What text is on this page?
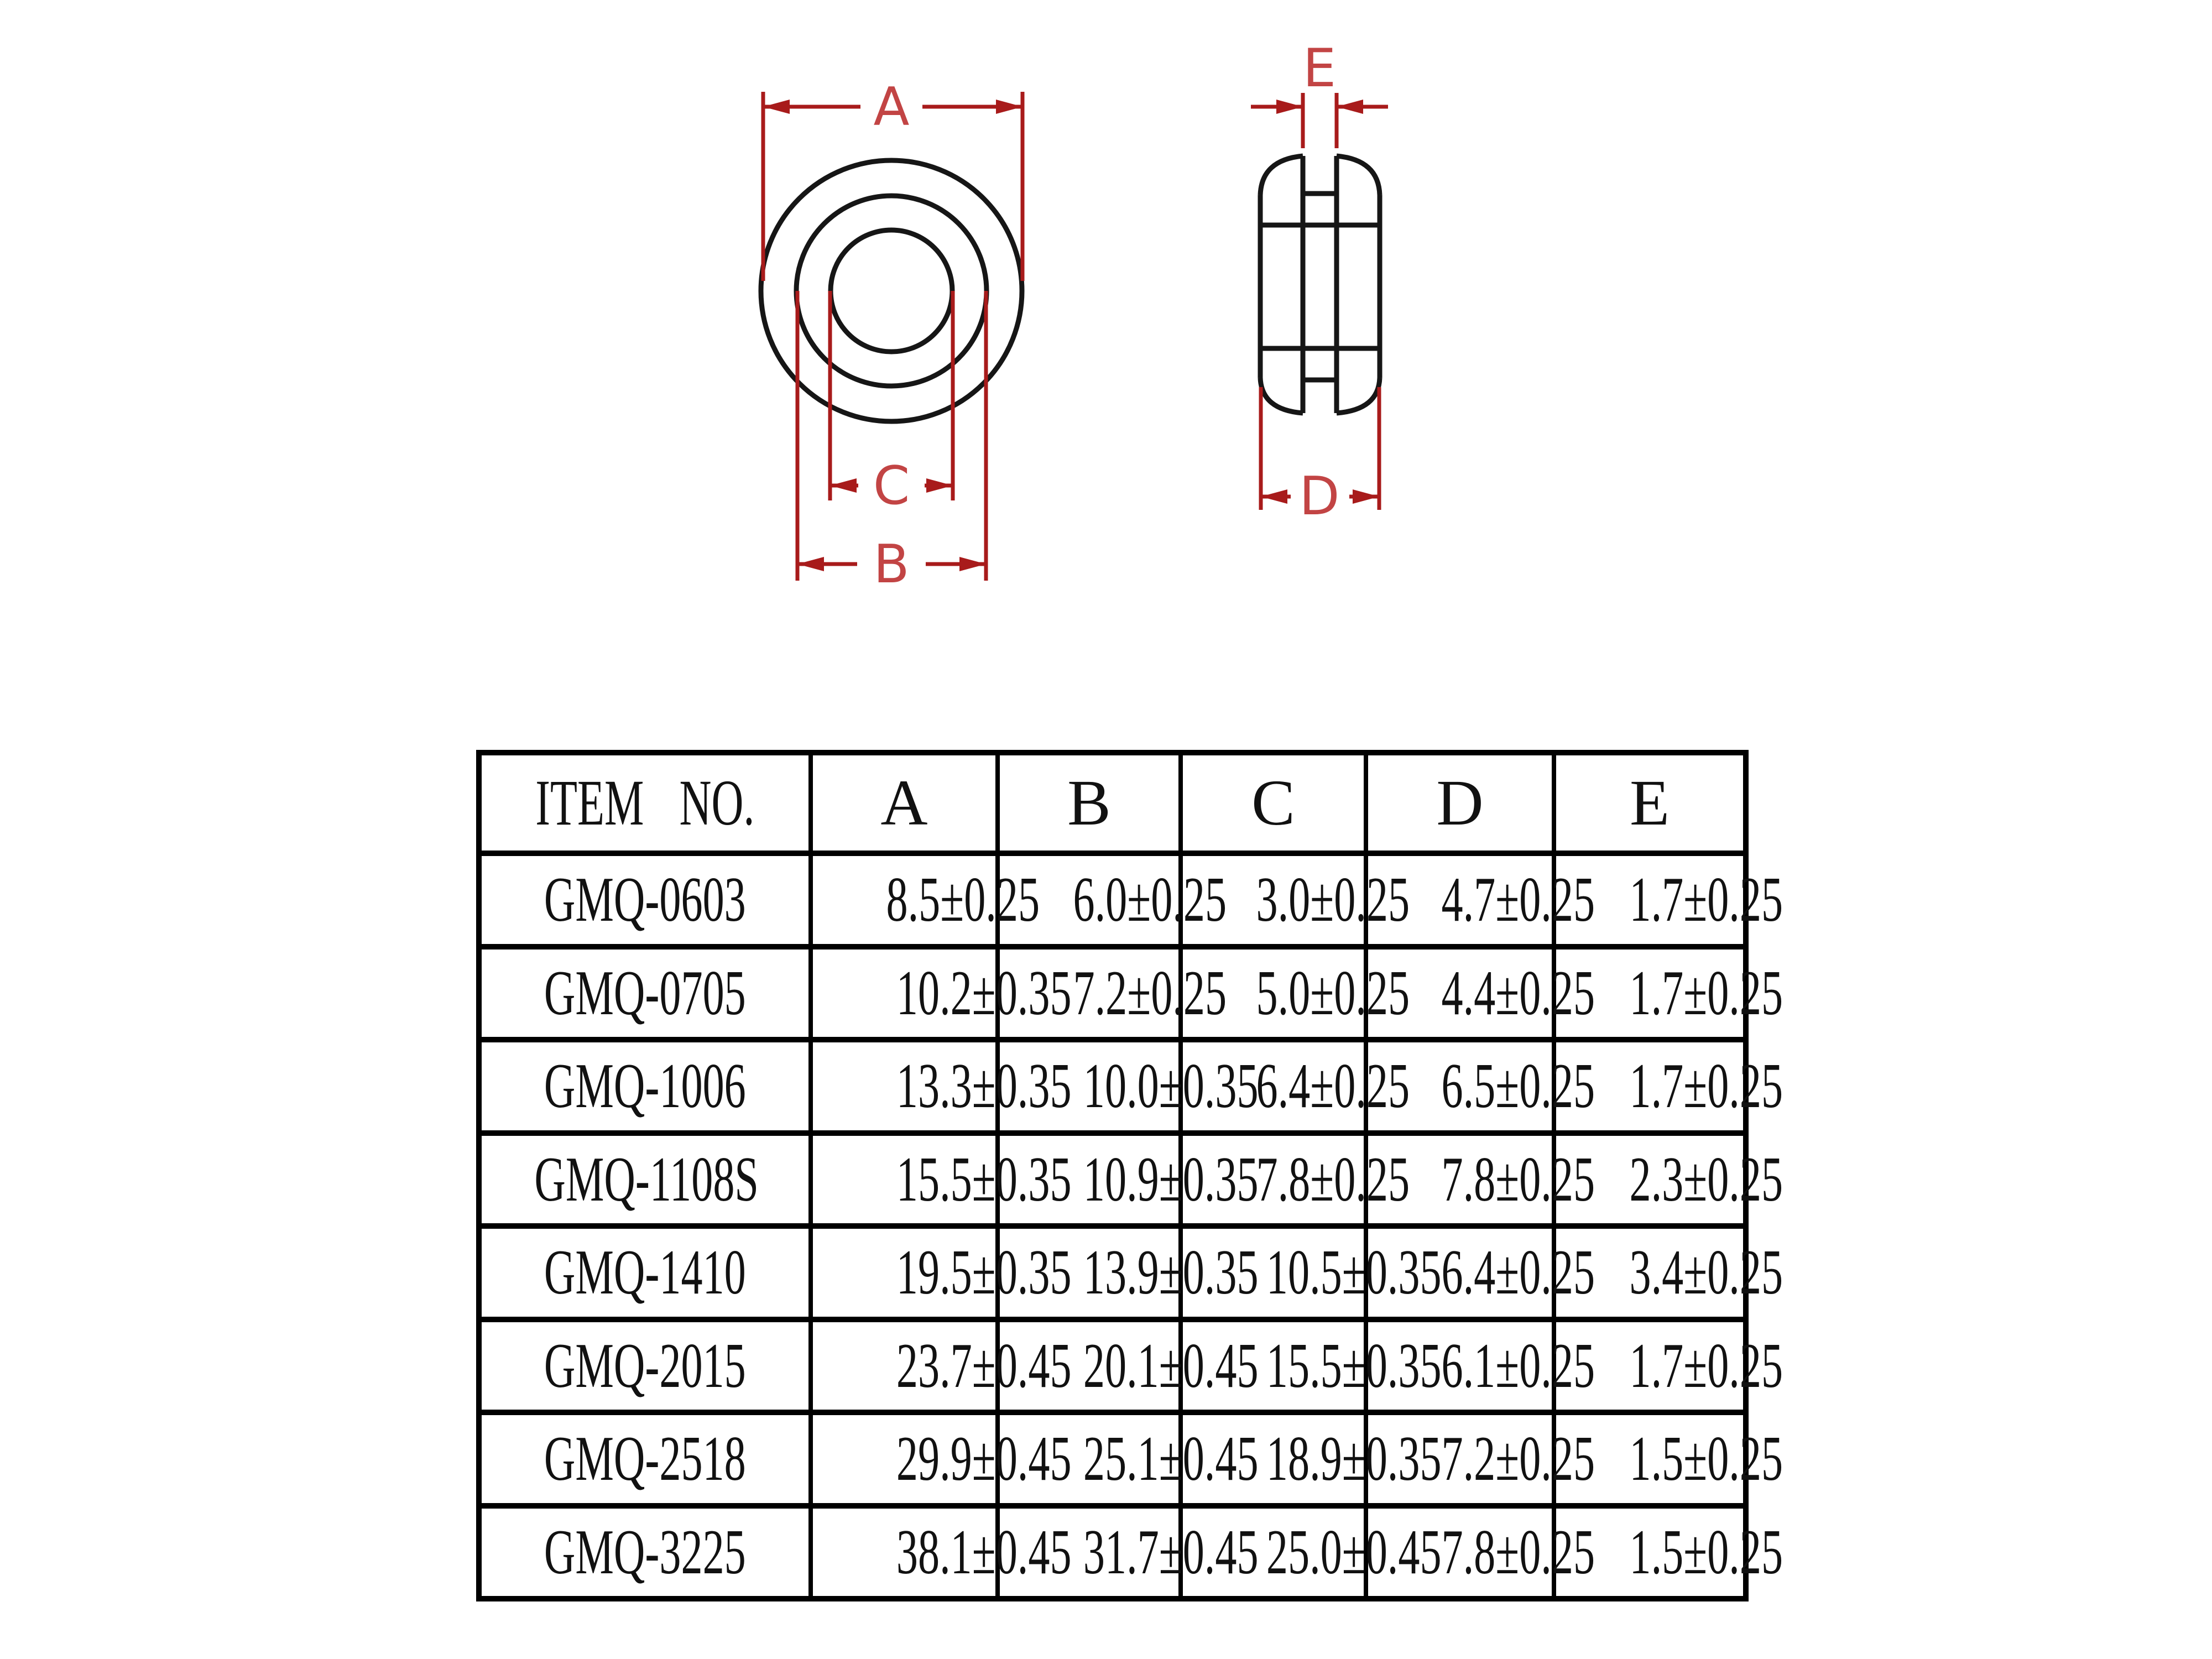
A
C
B
E
D
ITEM NO.	A	B	C	D	E
GMQ-0603	8.5±0.25	6.0±0.25	3.0±0.25	4.7±0.25	1.7±0.25
GMQ-0705	10.2±0.35	7.2±0.25	5.0±0.25	4.4±0.25	1.7±0.25
GMQ-1006	13.3±0.35	10.0±0.35	6.4±0.25	6.5±0.25	1.7±0.25
GMQ-1108S	15.5±0.35	10.9±0.35	7.8±0.25	7.8±0.25	2.3±0.25
GMQ-1410	19.5±0.35	13.9±0.35	10.5±0.35	6.4±0.25	3.4±0.25
GMQ-2015	23.7±0.45	20.1±0.45	15.5±0.35	6.1±0.25	1.7±0.25
GMQ-2518	29.9±0.45	25.1±0.45	18.9±0.35	7.2±0.25	1.5±0.25
GMQ-3225	38.1±0.45	31.7±0.45	25.0±0.45	7.8±0.25	1.5±0.25
